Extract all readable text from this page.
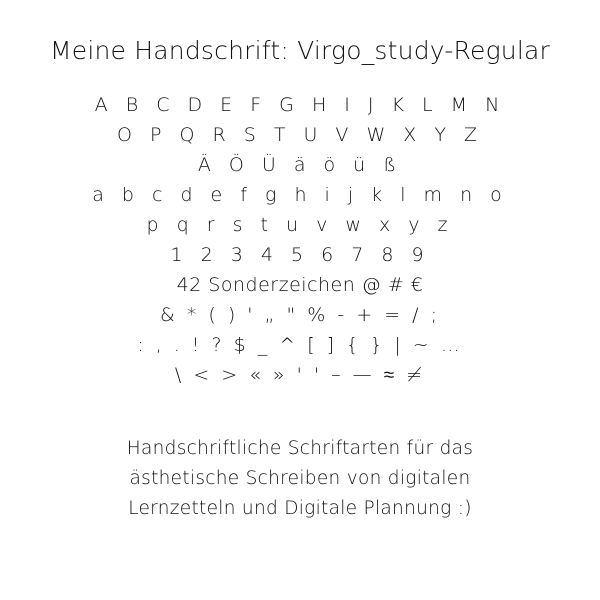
Meine Handschrift: Virgo_study-Regular
A B C D E F G H I J K L M N
O P Q R S T U V W X Y Z
Ä Ö Ü ä ö ü ß
a b c d e f g h i j k l m n o
p q r s t u v w x y z
1 2 3 4 5 6 7 8 9
42 Sonderzeichen @ # €
& * ( ) ' „ " % - + = / ;
: , . ! ? $ _ ^ [ ] { } | ~ …
\ < > « » ' ' – — ≈ ≠
Handschriftliche Schriftarten für das
ästhetische Schreiben von digitalen
Lernzetteln und Digitale Plannung :)
